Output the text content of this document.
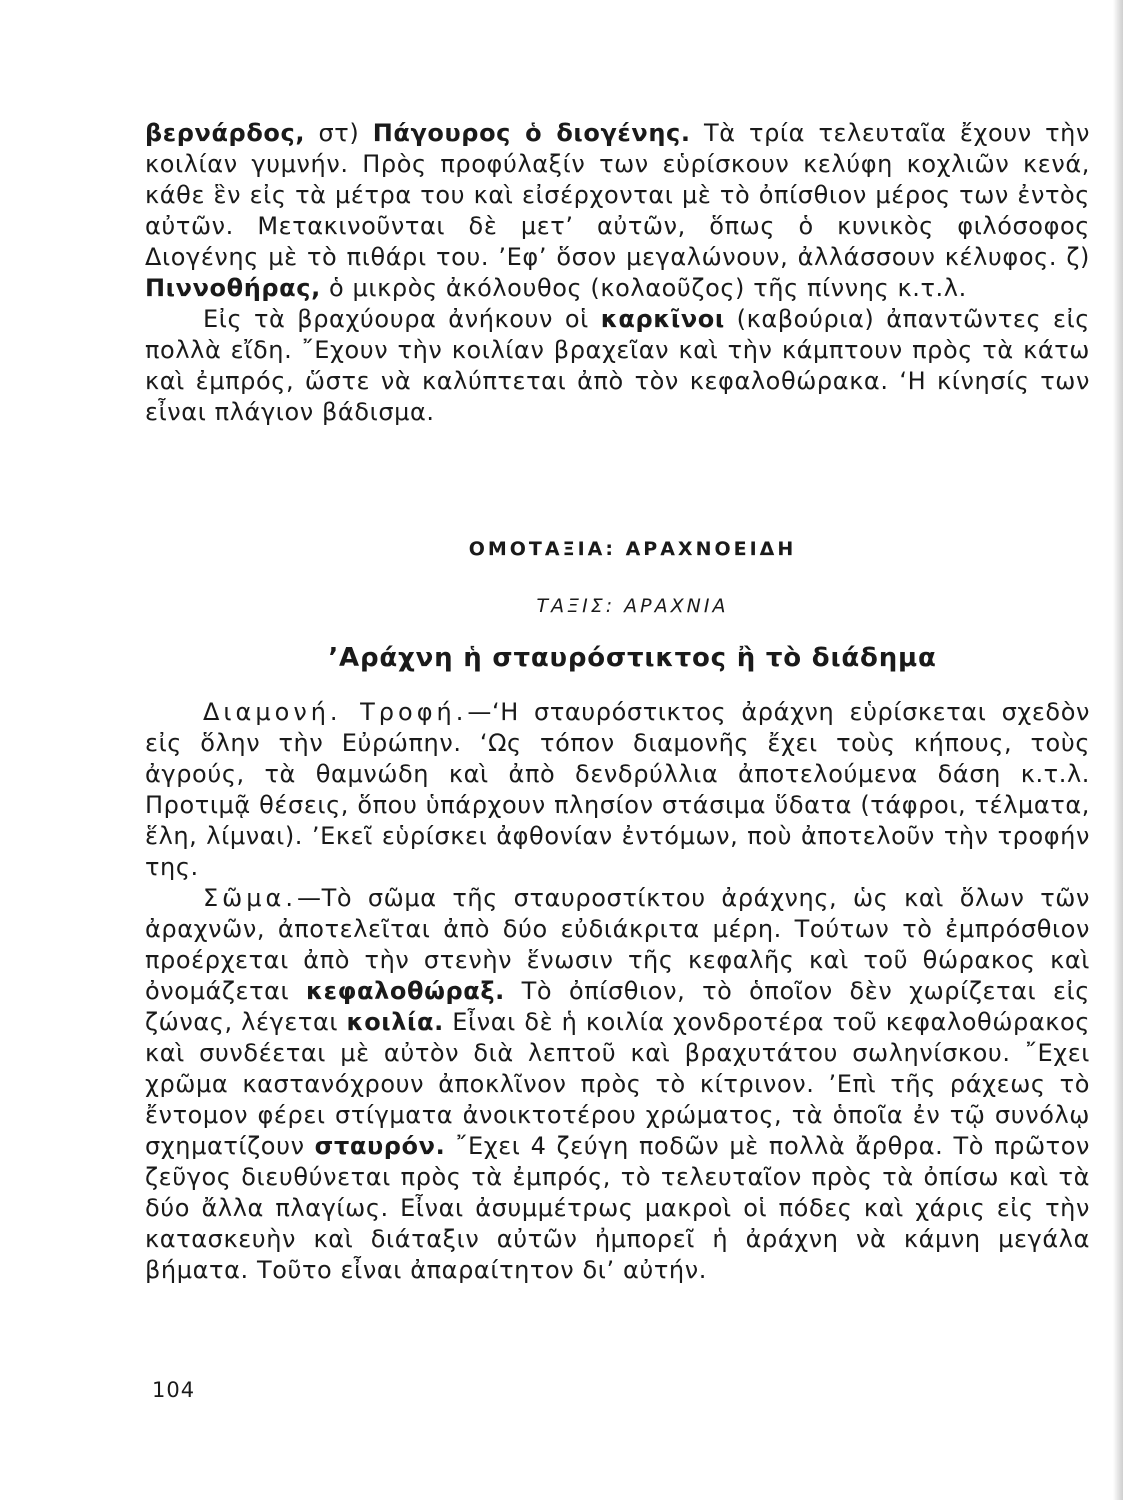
βερνάρδος, στ) Πάγουρος ὁ διογένης. Τὰ τρία τελευταῖα ἔχουν τὴν κοιλίαν γυμνήν. Πρὸς προφύλαξίν των εὑρίσκουν κελύφη κοχλιῶν κενά, κάθε ἓν εἰς τὰ μέτρα του καὶ εἰσέρχονται μὲ τὸ ὀπίσθιον μέρος των ἐντὸς αὐτῶν. Μετακινοῦνται δὲ μετ’ αὐτῶν, ὅπως ὁ κυνικὸς φιλόσοφος Διογένης μὲ τὸ πιθάρι του. ’Εφ’ ὅσον μεγαλώνουν, ἀλλάσσουν κέλυφος. ζ) Πιννοθήρας, ὁ μικρὸς ἀκόλουθος (κολαοῦζος) τῆς πίννης κ.τ.λ.

Εἰς τὰ βραχύουρα ἀνήκουν οἱ καρκῖνοι (καβούρια) ἀπαντῶντες εἰς πολλὰ εἴδη. ῎Εχουν τὴν κοιλίαν βραχεῖαν καὶ τὴν κάμπτουν πρὸς τὰ κάτω καὶ ἐμπρός, ὥστε νὰ καλύπτεται ἀπὸ τὸν κεφαλοθώρακα. ‘Η κίνησίς των εἶναι πλάγιον βάδισμα.

ΟΜΟΤΑΞΙΑ: ΑΡΑΧΝΟΕΙΔΗ
ΤΑΞΙΣ: ΑΡΑΧΝΙΑ
’Αράχνη ἡ σταυρόστικτος ἢ τὸ διάδημα

Διαμονή. Τροφή.—‘Η σταυρόστικτος ἀράχνη εὑρίσκεται σχεδὸν εἰς ὅλην τὴν Εὐρώπην. ‘Ως τόπον διαμονῆς ἔχει τοὺς κήπους, τοὺς ἀγρούς, τὰ θαμνώδη καὶ ἀπὸ δενδρύλλια ἀποτελούμενα δάση κ.τ.λ. Προτιμᾷ θέσεις, ὅπου ὑπάρχουν πλησίον στάσιμα ὕδατα (τάφροι, τέλματα, ἕλη, λίμναι). ’Εκεῖ εὑρίσκει ἀφθονίαν ἐντόμων, ποὺ ἀποτελοῦν τὴν τροφήν της.

Σῶμα.—Τὸ σῶμα τῆς σταυροστίκτου ἀράχνης, ὡς καὶ ὅλων τῶν ἀραχνῶν, ἀποτελεῖται ἀπὸ δύο εὐδιάκριτα μέρη. Τούτων τὸ ἐμπρόσθιον προέρχεται ἀπὸ τὴν στενὴν ἕνωσιν τῆς κεφαλῆς καὶ τοῦ θώρακος καὶ ὀνομάζεται κεφαλοθώραξ. Τὸ ὀπίσθιον, τὸ ὁποῖον δὲν χωρίζεται εἰς ζώνας, λέγεται κοιλία. Εἶναι δὲ ἡ κοιλία χονδροτέρα τοῦ κεφαλοθώρακος καὶ συνδέεται μὲ αὐτὸν διὰ λεπτοῦ καὶ βραχυτάτου σωληνίσκου. ῎Εχει χρῶμα καστανόχρουν ἀποκλῖνον πρὸς τὸ κίτρινον. ’Επὶ τῆς ράχεως τὸ ἔντομον φέρει στίγματα ἀνοικτοτέρου χρώματος, τὰ ὁποῖα ἐν τῷ συνόλῳ σχηματίζουν σταυρόν. ῎Εχει 4 ζεύγη ποδῶν μὲ πολλὰ ἄρθρα. Τὸ πρῶτον ζεῦγος διευθύνεται πρὸς τὰ ἐμπρός, τὸ τελευταῖον πρὸς τὰ ὀπίσω καὶ τὰ δύο ἄλλα πλαγίως. Εἶναι ἀσυμμέτρως μακροὶ οἱ πόδες καὶ χάρις εἰς τὴν κατασκευὴν καὶ διάταξιν αὐτῶν ἠμπορεῖ ἡ ἀράχνη νὰ κάμνη μεγάλα βήματα. Τοῦτο εἶναι ἀπαραίτητον δι’ αὐτήν.

104
